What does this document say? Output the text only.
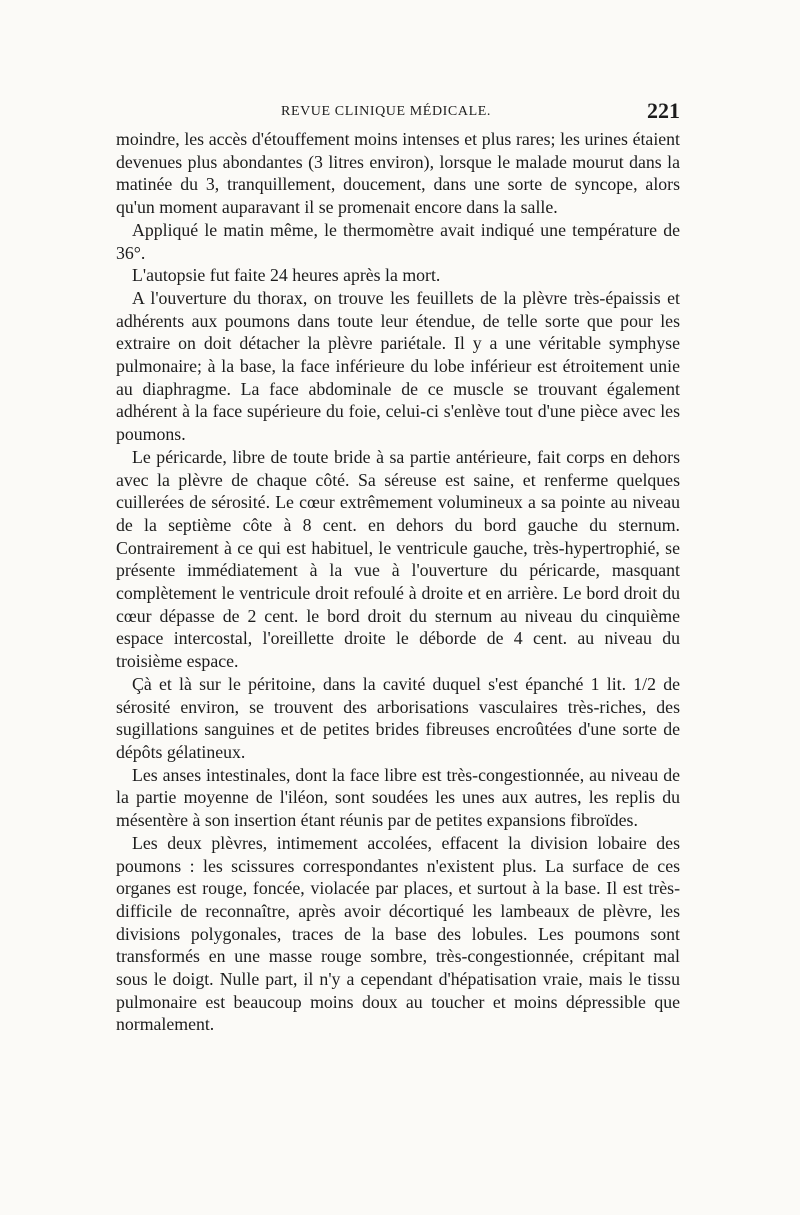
REVUE CLINIQUE MÉDICALE.	221

moindre, les accès d'étouffement moins intenses et plus rares; les urines étaient devenues plus abondantes (3 litres environ), lorsque le malade mourut dans la matinée du 3, tranquillement, doucement, dans une sorte de syncope, alors qu'un moment auparavant il se promenait encore dans la salle.

Appliqué le matin même, le thermomètre avait indiqué une température de 36°.

L'autopsie fut faite 24 heures après la mort.

A l'ouverture du thorax, on trouve les feuillets de la plèvre très-épaissis et adhérents aux poumons dans toute leur étendue, de telle sorte que pour les extraire on doit détacher la plèvre pariétale. Il y a une véritable symphyse pulmonaire; à la base, la face inférieure du lobe inférieur est étroitement unie au diaphragme. La face abdominale de ce muscle se trouvant également adhérent à la face supérieure du foie, celui-ci s'enlève tout d'une pièce avec les poumons.

Le péricarde, libre de toute bride à sa partie antérieure, fait corps en dehors avec la plèvre de chaque côté. Sa séreuse est saine, et renferme quelques cuillerées de sérosité. Le cœur extrêmement volumineux a sa pointe au niveau de la septième côte à 8 cent. en dehors du bord gauche du sternum. Contrairement à ce qui est habituel, le ventricule gauche, très-hypertrophié, se présente immédiatement à la vue à l'ouverture du péricarde, masquant complètement le ventricule droit refoulé à droite et en arrière. Le bord droit du cœur dépasse de 2 cent. le bord droit du sternum au niveau du cinquième espace intercostal, l'oreillette droite le déborde de 4 cent. au niveau du troisième espace.

Çà et là sur le péritoine, dans la cavité duquel s'est épanché 1 lit. 1/2 de sérosité environ, se trouvent des arborisations vasculaires très-riches, des sugillations sanguines et de petites brides fibreuses encroûtées d'une sorte de dépôts gélatineux.

Les anses intestinales, dont la face libre est très-congestionnée, au niveau de la partie moyenne de l'iléon, sont soudées les unes aux autres, les replis du mésentère à son insertion étant réunis par de petites expansions fibroïdes.

Les deux plèvres, intimement accolées, effacent la division lobaire des poumons : les scissures correspondantes n'existent plus. La surface de ces organes est rouge, foncée, violacée par places, et surtout à la base. Il est très-difficile de reconnaître, après avoir décortiqué les lambeaux de plèvre, les divisions polygonales, traces de la base des lobules. Les poumons sont transformés en une masse rouge sombre, très-congestionnée, crépitant mal sous le doigt. Nulle part, il n'y a cependant d'hépatisation vraie, mais le tissu pulmonaire est beaucoup moins doux au toucher et moins dépressible que normalement.
